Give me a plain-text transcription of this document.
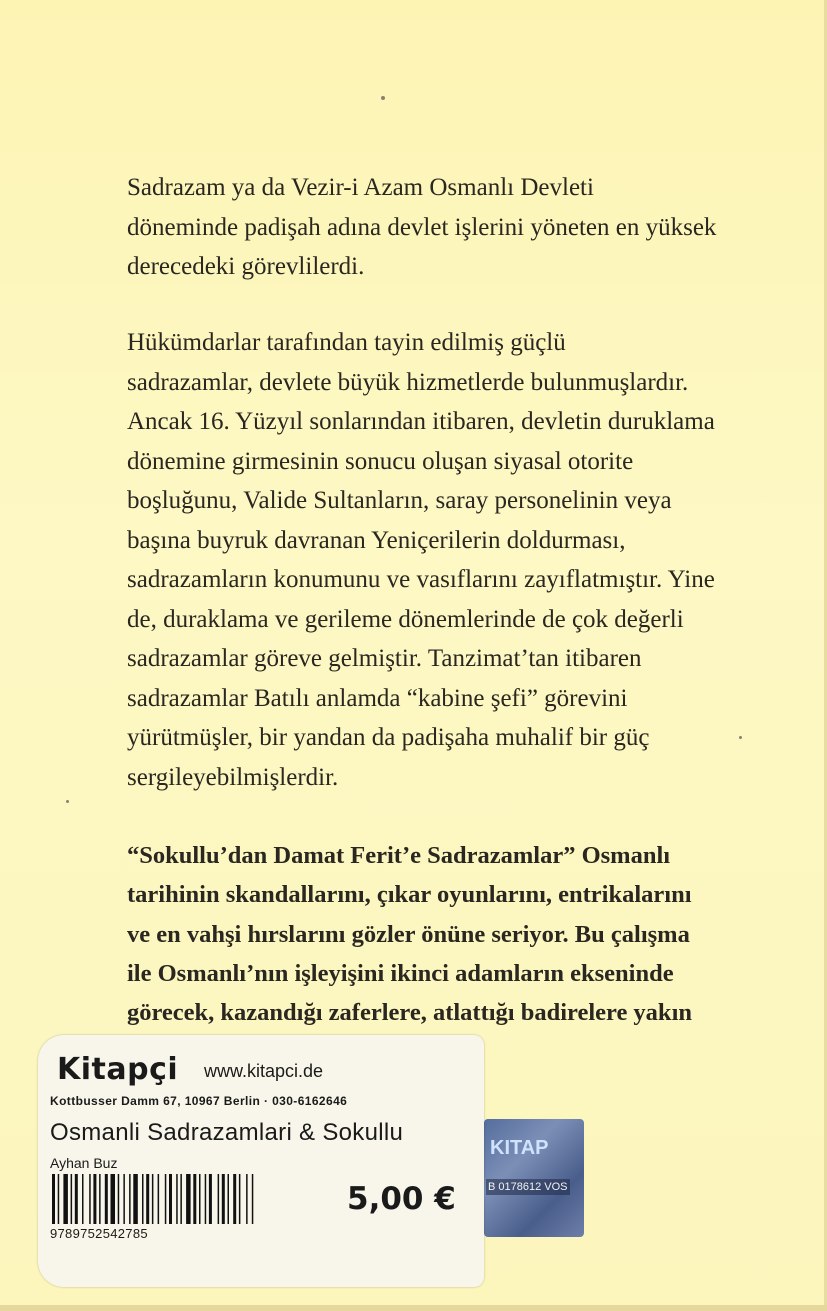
Sadrazam ya da Vezir-i Azam Osmanlı Devleti

döneminde padişah adına devlet işlerini yöneten en yüksek

derecedeki görevlilerdi.

Hükümdarlar tarafından tayin edilmiş güçlü

sadrazamlar, devlete büyük hizmetlerde bulunmuşlardır.

Ancak 16. Yüzyıl sonlarından itibaren, devletin duruklama

dönemine girmesinin sonucu oluşan siyasal otorite

boşluğunu, Valide Sultanların, saray personelinin veya

başına buyruk davranan Yeniçerilerin doldurması,

sadrazamların konumunu ve vasıflarını zayıflatmıştır. Yine

de, duraklama ve gerileme dönemlerinde de çok değerli

sadrazamlar göreve gelmiştir. Tanzimat’tan itibaren

sadrazamlar Batılı anlamda “kabine şefi” görevini

yürütmüşler, bir yandan da padişaha muhalif bir güç

sergileyebilmişlerdir.

“Sokullu’dan Damat Ferit’e Sadrazamlar” Osmanlı

tarihinin skandallarını, çıkar oyunlarını, entrikalarını

ve en vahşi hırslarını gözler önüne seriyor. Bu çalışma

ile Osmanlı’nın işleyişini ikinci adamların ekseninde

görecek, kazandığı zaferlere, atlattığı badirelere yakın

KITAP
B 0178612 VOS
Kitapçi www.kitapci.de
Kottbusser Damm 67, 10967 Berlin · 030-6162646
Osmanli Sadrazamlari & Sokullu
Ayhan Buz
9789752542785
5,00 €
